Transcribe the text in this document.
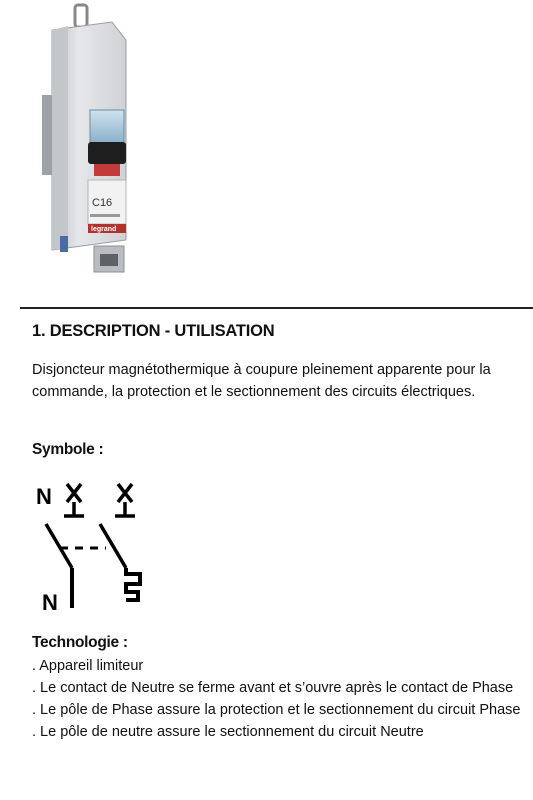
C16
legrand
1. DESCRIPTION - UTILISATION

Disjoncteur magnétothermique à coupure pleinement apparente pour la commande, la protection et le sectionnement des circuits électriques.

Symbole :
N
N
Technologie :
. Appareil limiteur
. Le contact de Neutre se ferme avant et s’ouvre après le contact de Phase
. Le pôle de Phase assure la protection et le sectionnement du circuit Phase
. Le pôle de neutre assure le sectionnement du circuit Neutre
